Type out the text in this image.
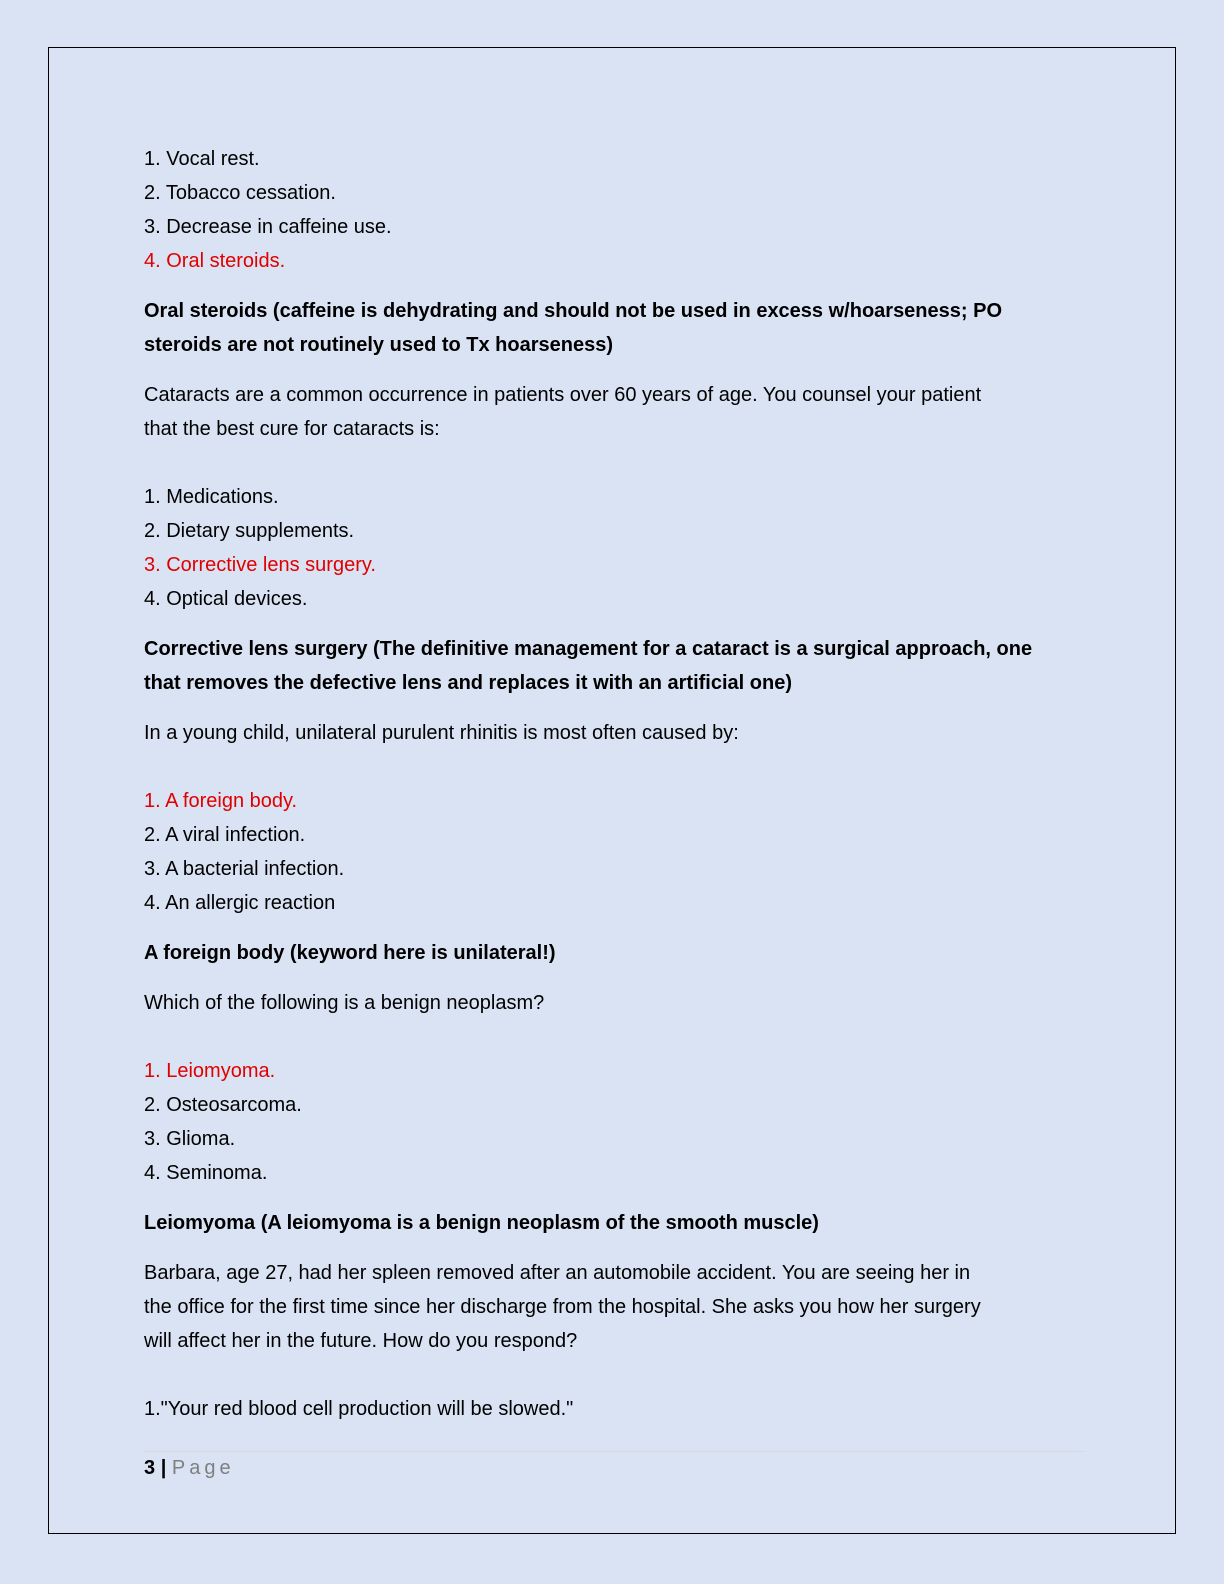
1. Vocal rest.
2. Tobacco cessation.
3. Decrease in caffeine use.
4. Oral steroids.
Oral steroids (caffeine is dehydrating and should not be used in excess w/hoarseness; PO
steroids are not routinely used to Tx hoarseness)
Cataracts are a common occurrence in patients over 60 years of age. You counsel your patient
that the best cure for cataracts is:
1. Medications.
2. Dietary supplements.
3. Corrective lens surgery.
4. Optical devices.
Corrective lens surgery (The definitive management for a cataract is a surgical approach, one
that removes the defective lens and replaces it with an artificial one)
In a young child, unilateral purulent rhinitis is most often caused by:
1. A foreign body.
2. A viral infection.
3. A bacterial infection.
4. An allergic reaction
A foreign body (keyword here is unilateral!)
Which of the following is a benign neoplasm?
1. Leiomyoma.
2. Osteosarcoma.
3. Glioma.
4. Seminoma.
Leiomyoma (A leiomyoma is a benign neoplasm of the smooth muscle)
Barbara, age 27, had her spleen removed after an automobile accident. You are seeing her in
the office for the first time since her discharge from the hospital. She asks you how her surgery
will affect her in the future. How do you respond?
1."Your red blood cell production will be slowed."
3 | Page
